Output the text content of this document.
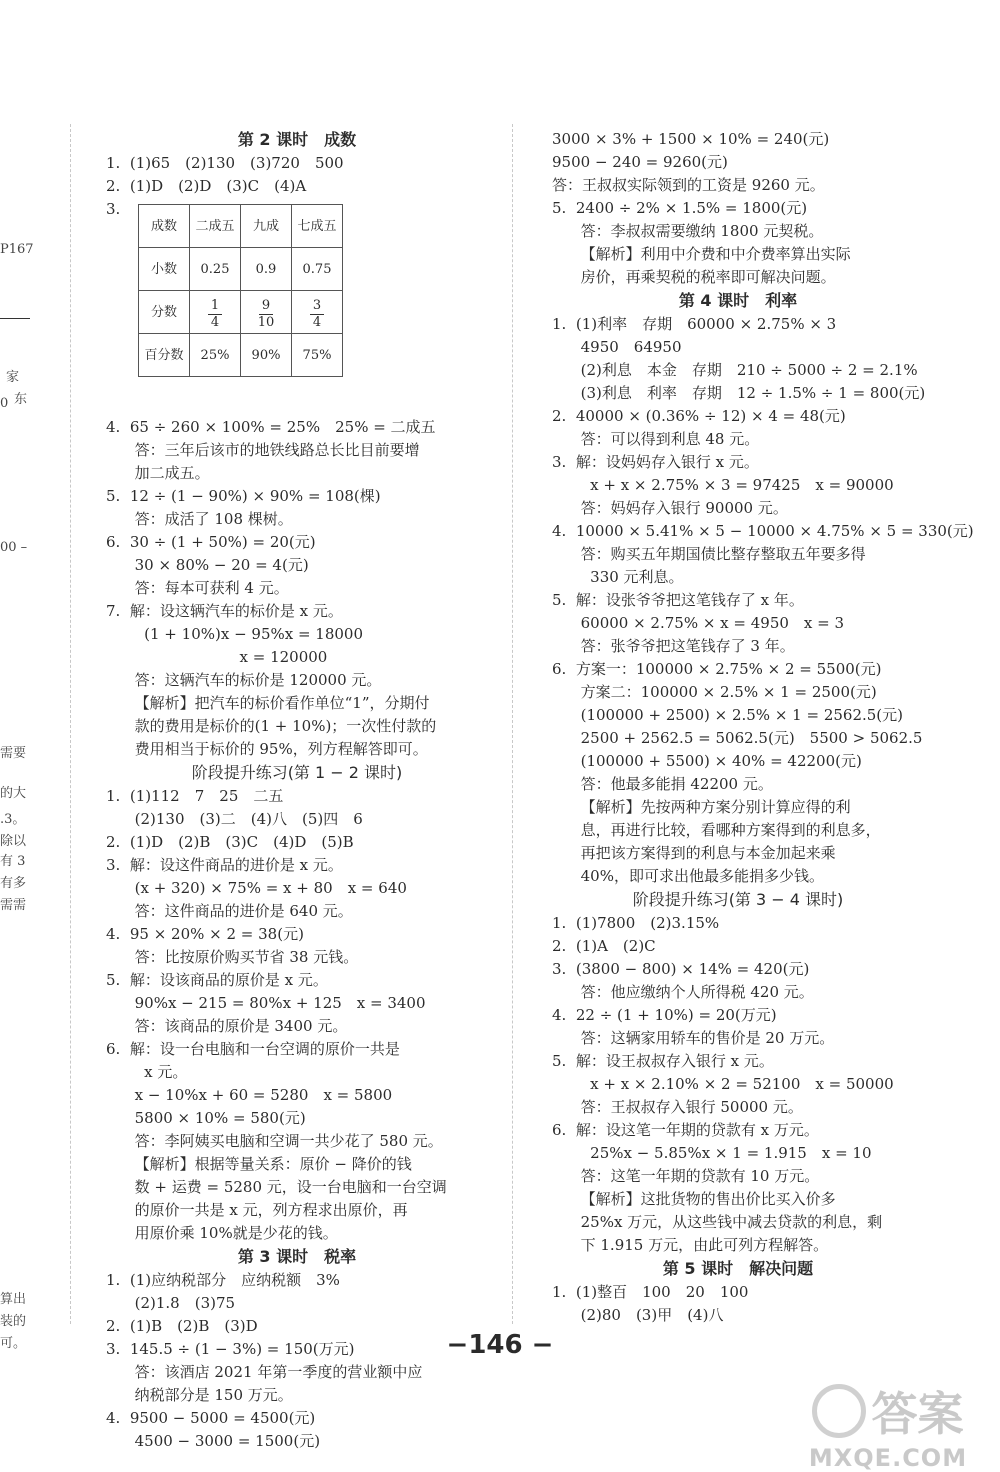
P167
家
东
0
00 –
需要
的大
.3。
除以
有 3
有多
需需
算出
装的
可。
第 2 课时　成数
1.  (1)65　(2)130　(3)720　500
2.  (1)D　(2)D　(3)C　(4)A
3.
成数	二成五	九成	七成五
小数	0.25	0.9	0.75
分数	$\frac{1}{4}$	$\frac{9}{10}$	$\frac{3}{4}$

百分数	25%	90%	75%
4.  65 ÷ 260 × 100% = 25%　25% = 二成五
答：三年后该市的地铁线路总长比目前要增
加二成五。
5.  12 ÷ (1 − 90%) × 90% = 108(棵)
答：成活了 108 棵树。
6.  30 ÷ (1 + 50%) = 20(元)
30 × 80% − 20 = 4(元)
答：每本可获利 4 元。
7.  解：设这辆汽车的标价是 x 元。
(1 + 10%)x − 95%x = 18000
x = 120000
答：这辆汽车的标价是 120000 元。
【解析】把汽车的标价看作单位“1”，分期付
款的费用是标价的(1 + 10%)；一次性付款的
费用相当于标价的 95%，列方程解答即可。
阶段提升练习(第 1 − 2 课时)
1.  (1)112　7　25　二五
(2)130　(3)二　(4)八　(5)四　6
2.  (1)D　(2)B　(3)C　(4)D　(5)B
3.  解：设这件商品的进价是 x 元。
(x + 320) × 75% = x + 80　x = 640
答：这件商品的进价是 640 元。
4.  95 × 20% × 2 = 38(元)
答：比按原价购买节省 38 元钱。
5.  解：设该商品的原价是 x 元。
90%x − 215 = 80%x + 125　x = 3400
答：该商品的原价是 3400 元。
6.  解：设一台电脑和一台空调的原价一共是
x 元。
x − 10%x + 60 = 5280　x = 5800
5800 × 10% = 580(元)
答：李阿姨买电脑和空调一共少花了 580 元。
【解析】根据等量关系：原价 − 降价的钱
数 + 运费 = 5280 元，设一台电脑和一台空调
的原价一共是 x 元，列方程求出原价，再
用原价乘 10%就是少花的钱。
第 3 课时　税率
1.  (1)应纳税部分　应纳税额　3%
(2)1.8　(3)75
2.  (1)B　(2)B　(3)D
3.  145.5 ÷ (1 − 3%) = 150(万元)
答：该酒店 2021 年第一季度的营业额中应
纳税部分是 150 万元。
4.  9500 − 5000 = 4500(元)
4500 − 3000 = 1500(元)
3000 × 3% + 1500 × 10% = 240(元)
9500 − 240 = 9260(元)
答：王叔叔实际领到的工资是 9260 元。
5.  2400 ÷ 2% × 1.5% = 1800(元)
答：李叔叔需要缴纳 1800 元契税。
【解析】利用中介费和中介费率算出实际
房价，再乘契税的税率即可解决问题。
第 4 课时　利率
1.  (1)利率　存期　60000 × 2.75% × 3
4950　64950
(2)利息　本金　存期　210 ÷ 5000 ÷ 2 = 2.1%
(3)利息　利率　存期　12 ÷ 1.5% ÷ 1 = 800(元)
2.  40000 × (0.36% ÷ 12) × 4 = 48(元)
答：可以得到利息 48 元。
3.  解：设妈妈存入银行 x 元。
x + x × 2.75% × 3 = 97425　x = 90000
答：妈妈存入银行 90000 元。
4.  10000 × 5.41% × 5 − 10000 × 4.75% × 5 = 330(元)
答：购买五年期国债比整存整取五年要多得
330 元利息。
5.  解：设张爷爷把这笔钱存了 x 年。
60000 × 2.75% × x = 4950　x = 3
答：张爷爷把这笔钱存了 3 年。
6.  方案一：100000 × 2.75% × 2 = 5500(元)
方案二：100000 × 2.5% × 1 = 2500(元)
(100000 + 2500) × 2.5% × 1 = 2562.5(元)
2500 + 2562.5 = 5062.5(元)　5500 > 5062.5
(100000 + 5500) × 40% = 42200(元)
答：他最多能捐 42200 元。
【解析】先按两种方案分别计算应得的利
息，再进行比较，看哪种方案得到的利息多，
再把该方案得到的利息与本金加起来乘
40%，即可求出他最多能捐多少钱。
阶段提升练习(第 3 − 4 课时)
1.  (1)7800　(2)3.15%
2.  (1)A　(2)C
3.  (3800 − 800) × 14% = 420(元)
答：他应缴纳个人所得税 420 元。
4.  22 ÷ (1 + 10%) = 20(万元)
答：这辆家用轿车的售价是 20 万元。
5.  解：设王叔叔存入银行 x 元。
x + x × 2.10% × 2 = 52100　x = 50000
答：王叔叔存入银行 50000 元。
6.  解：设这笔一年期的贷款有 x 万元。
25%x − 5.85%x × 1 = 1.915　x = 10
答：这笔一年期的贷款有 10 万元。
【解析】这批货物的售出价比买入价多
25%x 万元，从这些钱中减去贷款的利息，剩
下 1.915 万元，由此可列方程解答。
第 5 课时　解决问题
1.  (1)整百　100　20　100
(2)80　(3)甲　(4)八
−146 −
答案
MXQE.COM
